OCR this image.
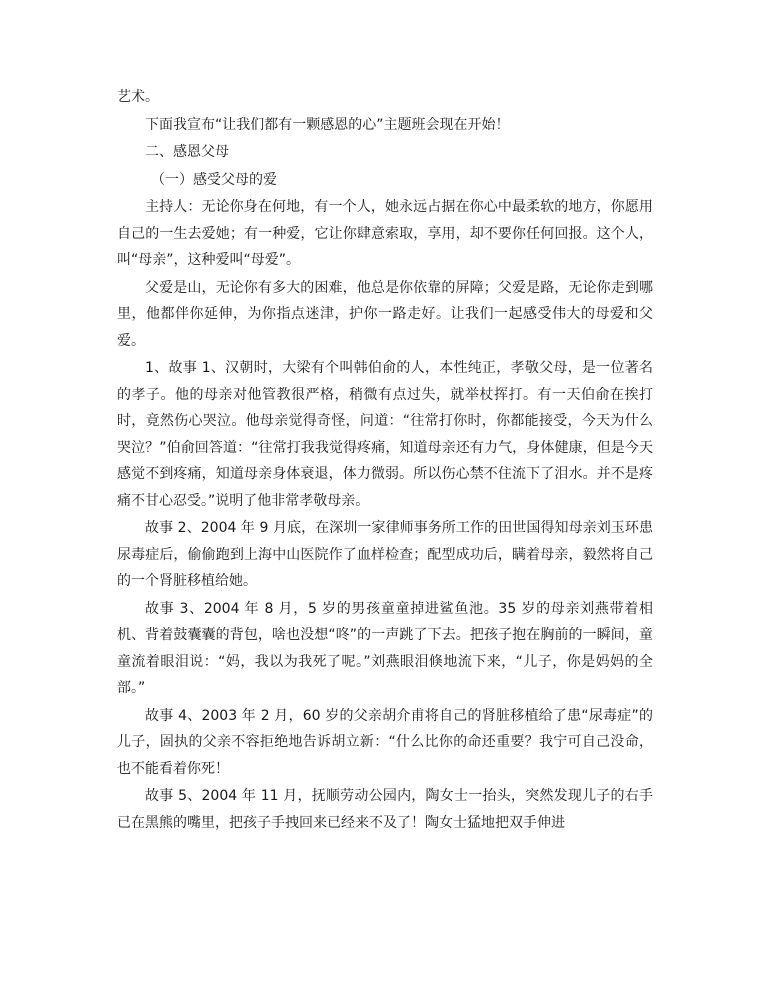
艺术。

下面我宣布“让我们都有一颗感恩的心”主题班会现在开始！

二、感恩父母

（一）感受父母的爱

主持人：无论你身在何地，有一个人，她永远占据在你心中最柔软的地方，你愿用自己的一生去爱她；有一种爱，它让你肆意索取，享用，却不要你任何回报。这个人，叫“母亲”，这种爱叫“母爱”。

父爱是山，无论你有多大的困难，他总是你依靠的屏障；父爱是路，无论你走到哪里，他都伴你延伸，为你指点迷津，护你一路走好。让我们一起感受伟大的母爱和父爱。

1、故事 1、汉朝时，大梁有个叫韩伯俞的人，本性纯正，孝敬父母，是一位著名的孝子。他的母亲对他管教很严格，稍微有点过失，就举杖挥打。有一天伯俞在挨打时，竟然伤心哭泣。他母亲觉得奇怪，问道：“往常打你时，你都能接受，今天为什么哭泣？”伯俞回答道：“往常打我我觉得疼痛，知道母亲还有力气，身体健康，但是今天感觉不到疼痛，知道母亲身体衰退，体力微弱。所以伤心禁不住流下了泪水。并不是疼痛不甘心忍受。”说明了他非常孝敬母亲。

故事 2、2004 年 9 月底，在深圳一家律师事务所工作的田世国得知母亲刘玉环患尿毒症后，偷偷跑到上海中山医院作了血样检查；配型成功后，瞒着母亲，毅然将自己的一个肾脏移植给她。

故事 3、2004 年 8 月，5 岁的男孩童童掉进鲨鱼池。35 岁的母亲刘燕带着相机、背着鼓囊囊的背包，啥也没想“咚”的一声跳了下去。把孩子抱在胸前的一瞬间，童童流着眼泪说：“妈，我以为我死了呢。”刘燕眼泪倏地流下来，“儿子，你是妈妈的全部。”

故事 4、2003 年 2 月，60 岁的父亲胡介甫将自己的肾脏移植给了患“尿毒症”的儿子，固执的父亲不容拒绝地告诉胡立新：“什么比你的命还重要？我宁可自己没命，也不能看着你死！

故事 5、2004 年 11 月，抚顺劳动公园内，陶女士一抬头，突然发现儿子的右手已在黑熊的嘴里，把孩子手拽回来已经来不及了！陶女士猛地把双手伸进
